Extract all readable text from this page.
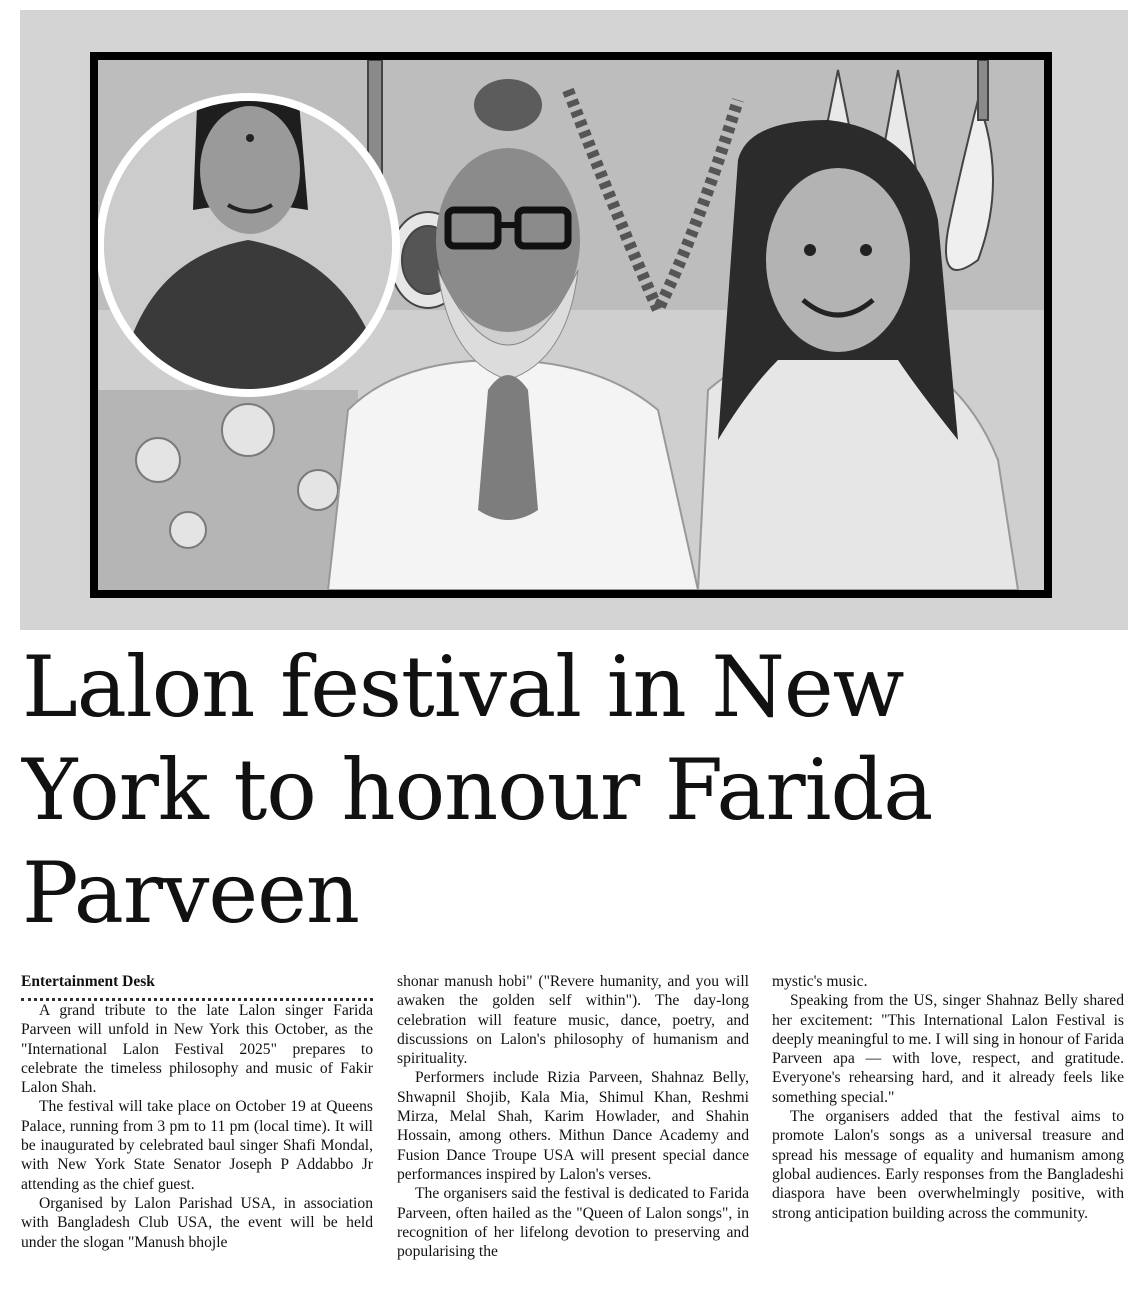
Lalon festival in New York to honour Farida Parveen

Entertainment Desk

A grand tribute to the late Lalon singer Farida Parveen will unfold in New York this October, as the "International Lalon Festival 2025" prepares to celebrate the timeless philosophy and music of Fakir Lalon Shah.

The festival will take place on October 19 at Queens Palace, running from 3 pm to 11 pm (local time). It will be inaugurated by celebrated baul singer Shafi Mondal, with New York State Senator Joseph P Addabbo Jr attending as the chief guest.

Organised by Lalon Parishad USA, in association with Bangladesh Club USA, the event will be held under the slogan "Manush bhojle

shonar manush hobi" ("Revere humanity, and you will awaken the golden self within"). The day-long celebration will feature music, dance, poetry, and discussions on Lalon's philosophy of humanism and spirituality.

Performers include Rizia Parveen, Shahnaz Belly, Shwapnil Shojib, Kala Mia, Shimul Khan, Reshmi Mirza, Melal Shah, Karim Howlader, and Shahin Hossain, among others. Mithun Dance Academy and Fusion Dance Troupe USA will present special dance performances inspired by Lalon's verses.

The organisers said the festival is dedicated to Farida Parveen, often hailed as the "Queen of Lalon songs", in recognition of her lifelong devotion to preserving and popularising the

mystic's music.

Speaking from the US, singer Shahnaz Belly shared her excitement: "This International Lalon Festival is deeply meaningful to me. I will sing in honour of Farida Parveen apa — with love, respect, and gratitude. Everyone's rehearsing hard, and it already feels like something special."

The organisers added that the festival aims to promote Lalon's songs as a universal treasure and spread his message of equality and humanism among global audiences. Early responses from the Bangladeshi diaspora have been overwhelmingly positive, with strong anticipation building across the community.
